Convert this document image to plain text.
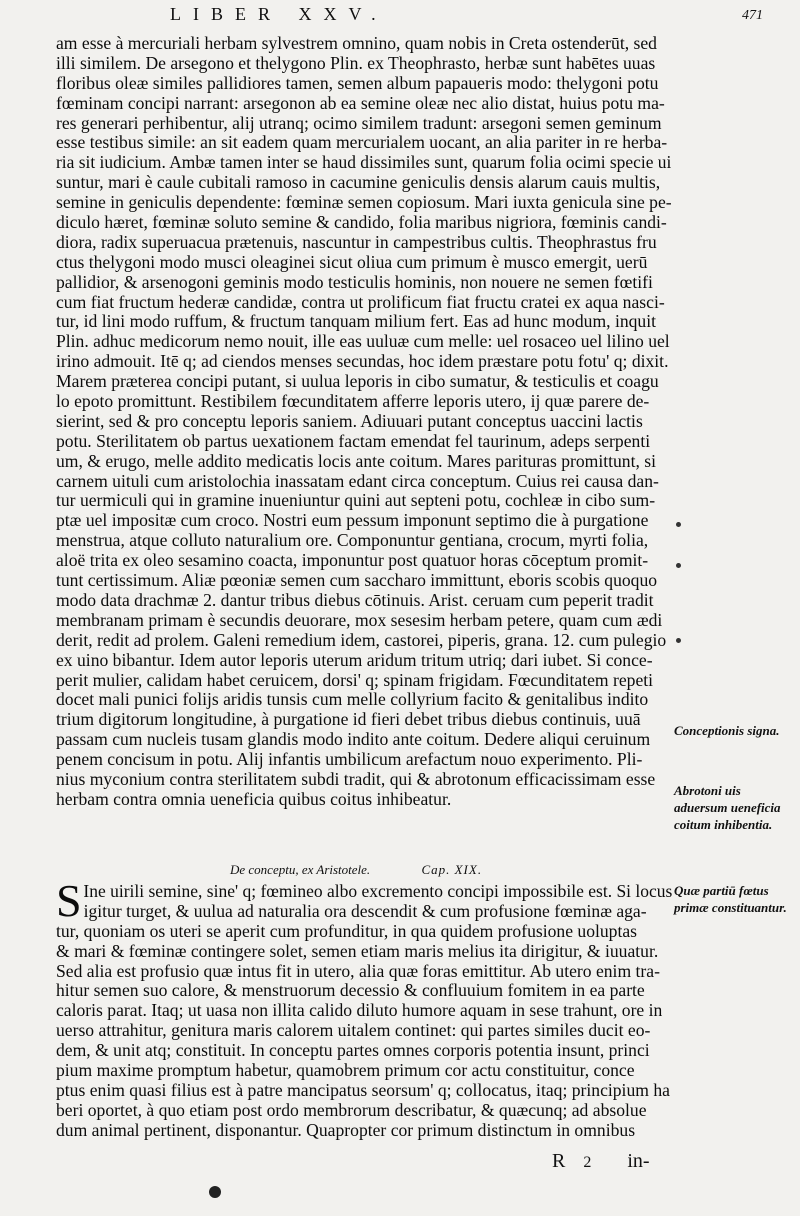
LIBER XXV.	471
am esse à mercuriali herbam sylvestrem omnino, quam nobis in Creta ostenderūt, sed
illi similem. De arsegono et thelygono Plin. ex Theophrasto, herbæ sunt habētes uuas
floribus oleæ similes pallidiores tamen, semen album papaueris modo: thelygoni potu
fœminam concipi narrant: arsegonon ab ea semine oleæ nec alio distat, huius potu ma-
res generari perhibentur, alij utranq; ocimo similem tradunt: arsegoni semen geminum
esse testibus simile: an sit eadem quam mercurialem uocant, an alia pariter in re herba-
ria sit iudicium. Ambæ tamen inter se haud dissimiles sunt, quarum folia ocimi specie ui
suntur, mari è caule cubitali ramoso in cacumine geniculis densis alarum cauis multis,
semine in geniculis dependente: fœminæ semen copiosum. Mari iuxta genicula sine pe-
diculo hæret, fœminæ soluto semine & candido, folia maribus nigriora, fœminis candi-
diora, radix superuacua prætenuis, nascuntur in campestribus cultis. Theophrastus fru
ctus thelygoni modo musci oleaginei sicut oliua cum primum è musco emergit, uerū
pallidior, & arsenogoni geminis modo testiculis hominis, non nouere ne semen fœtifi
cum fiat fructum hederæ candidæ, contra ut prolificum fiat fructu cratei ex aqua nasci-
tur, id lini modo ruffum, & fructum tanquam milium fert. Eas ad hunc modum, inquit
Plin. adhuc medicorum nemo nouit, ille eas uuluæ cum melle: uel rosaceo uel lilino uel
irino admouit. Itē q; ad ciendos menses secundas, hoc idem præstare potu fotu' q; dixit.
Marem præterea concipi putant, si uulua leporis in cibo sumatur, & testiculis et coagu
lo epoto promittunt. Restibilem fœcunditatem afferre leporis utero, ij quæ parere de-
sierint, sed & pro conceptu leporis saniem. Adiuuari putant conceptus uaccini lactis
potu. Sterilitatem ob partus uexationem factam emendat fel taurinum, adeps serpenti
um, & erugo, melle addito medicatis locis ante coitum. Mares parituras promittunt, si
carnem uituli cum aristolochia inassatam edant circa conceptum. Cuius rei causa dan-
tur uermiculi qui in gramine inueniuntur quini aut septeni potu, cochleæ in cibo sum-
ptæ uel impositæ cum croco. Nostri eum pessum imponunt septimo die à purgatione
menstrua, atque colluto naturalium ore. Componuntur gentiana, crocum, myrti folia,
aloë trita ex oleo sesamino coacta, imponuntur post quatuor horas cōceptum promit-
tunt certissimum. Aliæ pœoniæ semen cum saccharo immittunt, eboris scobis quoquo
modo data drachmæ 2. dantur tribus diebus cōtinuis. Arist. ceruam cum peperit tradit
membranam primam è secundis deuorare, mox sesesim herbam petere, quam cum ædi
derit, redit ad prolem. Galeni remedium idem, castorei, piperis, grana. 12. cum pulegio
ex uino bibantur. Idem autor leporis uterum aridum tritum utriq; dari iubet. Si conce-
perit mulier, calidam habet ceruicem, dorsi' q; spinam frigidam. Fœcunditatem repeti
docet mali punici folijs aridis tunsis cum melle collyrium facito & genitalibus indito
trium digitorum longitudine, à purgatione id fieri debet tribus diebus continuis, uuā
passam cum nucleis tusam glandis modo indito ante coitum. Dedere aliqui ceruinum
penem concisum in potu. Alij infantis umbilicum arefactum nouo experimento. Pli-
nius myconium contra sterilitatem subdi tradit, qui & abrotonum efficacissimam esse
herbam contra omnia ueneficia quibus coitus inhibeatur.
De conceptu, ex Aristotele.	Cap. XIX.
S Ine uirili semine, sine' q; fœmineo albo excremento concipi impossibile est. Si locus
igitur turget, & uulua ad naturalia ora descendit & cum profusione fœminæ aga-
tur, quoniam os uteri se aperit cum profunditur, in qua quidem profusione uoluptas
& mari & fœminæ contingere solet, semen etiam maris melius ita dirigitur, & iuuatur.
Sed alia est profusio quæ intus fit in utero, alia quæ foras emittitur. Ab utero enim tra-
hitur semen suo calore, & menstruorum decessio & confluuium fomitem in ea parte
caloris parat. Itaq; ut uasa non illita calido diluto humore aquam in sese trahunt, ore in
uerso attrahitur, genitura maris calorem uitalem continet: qui partes similes ducit eo-
dem, & unit atq; constituit. In conceptu partes omnes corporis potentia insunt, princi
pium maxime promptum habetur, quamobrem primum cor actu constituitur, conce
ptus enim quasi filius est à patre mancipatus seorsum' q; collocatus, itaq; principium ha
beri oportet, à quo etiam post ordo membrorum describatur, & quæcunq; ad absolue
dum animal pertinent, disponantur. Quapropter cor primum distinctum in omnibus
Conceptionis signa.
Abrotoni uis aduersum ueneficia coitum inhibentia.
Quæ partiū fœtus primæ constituantur.
R 2 in-
